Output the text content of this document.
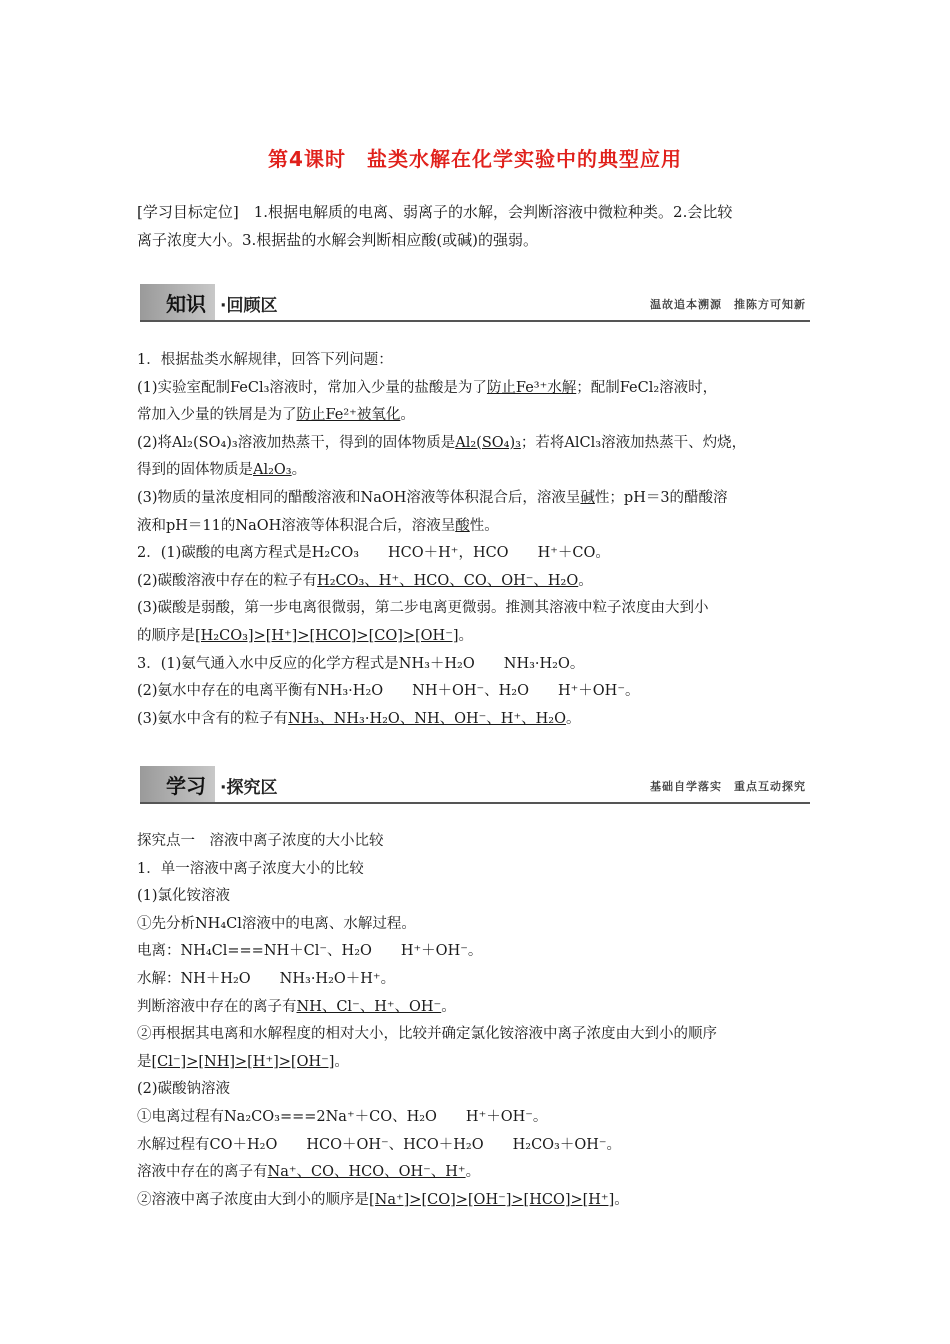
第4课时　盐类水解在化学实验中的典型应用
[学习目标定位]　1.根据电解质的电离、弱离子的水解，会判断溶液中微粒种类。2.会比较
离子浓度大小。3.根据盐的水解会判断相应酸(或碱)的强弱。
知识 ·回顾区	温故追本溯源　推陈方可知新
1．根据盐类水解规律，回答下列问题：
(1)实验室配制FeCl₃溶液时，常加入少量的盐酸是为了防止Fe³⁺水解；配制FeCl₂溶液时，
常加入少量的铁屑是为了防止Fe²⁺被氧化。
(2)将Al₂(SO₄)₃溶液加热蒸干，得到的固体物质是Al₂(SO₄)₃；若将AlCl₃溶液加热蒸干、灼烧，
得到的固体物质是Al₂O₃。
(3)物质的量浓度相同的醋酸溶液和NaOH溶液等体积混合后，溶液呈碱性；pH＝3的醋酸溶
液和pH＝11的NaOH溶液等体积混合后，溶液呈酸性。
2．(1)碳酸的电离方程式是H₂CO₃　　HCO＋H⁺，HCO　　H⁺＋CO。
(2)碳酸溶液中存在的粒子有H₂CO₃、H⁺、HCO、CO、OH⁻、H₂O。
(3)碳酸是弱酸，第一步电离很微弱，第二步电离更微弱。推测其溶液中粒子浓度由大到小
的顺序是[H₂CO₃]>[H⁺]>[HCO]>[CO]>[OH⁻]。
3．(1)氨气通入水中反应的化学方程式是NH₃＋H₂O　　NH₃·H₂O。
(2)氨水中存在的电离平衡有NH₃·H₂O　　NH＋OH⁻、H₂O　　H⁺＋OH⁻。
(3)氨水中含有的粒子有NH₃、NH₃·H₂O、NH、OH⁻、H⁺、H₂O。
学习 ·探究区	基础自学落实　重点互动探究
探究点一　溶液中离子浓度的大小比较
1．单一溶液中离子浓度大小的比较
(1)氯化铵溶液
①先分析NH₄Cl溶液中的电离、水解过程。
电离：NH₄Cl===NH＋Cl⁻、H₂O　　H⁺＋OH⁻。
水解：NH＋H₂O　　NH₃·H₂O＋H⁺。
判断溶液中存在的离子有NH、Cl⁻、H⁺、OH⁻。
②再根据其电离和水解程度的相对大小，比较并确定氯化铵溶液中离子浓度由大到小的顺序
是[Cl⁻]>[NH]>[H⁺]>[OH⁻]。
(2)碳酸钠溶液
①电离过程有Na₂CO₃===2Na⁺＋CO、H₂O　　H⁺＋OH⁻。
水解过程有CO＋H₂O　　HCO＋OH⁻、HCO＋H₂O　　H₂CO₃＋OH⁻。
溶液中存在的离子有Na⁺、CO、HCO、OH⁻、H⁺。
②溶液中离子浓度由大到小的顺序是[Na⁺]>[CO]>[OH⁻]>[HCO]>[H⁺]。
